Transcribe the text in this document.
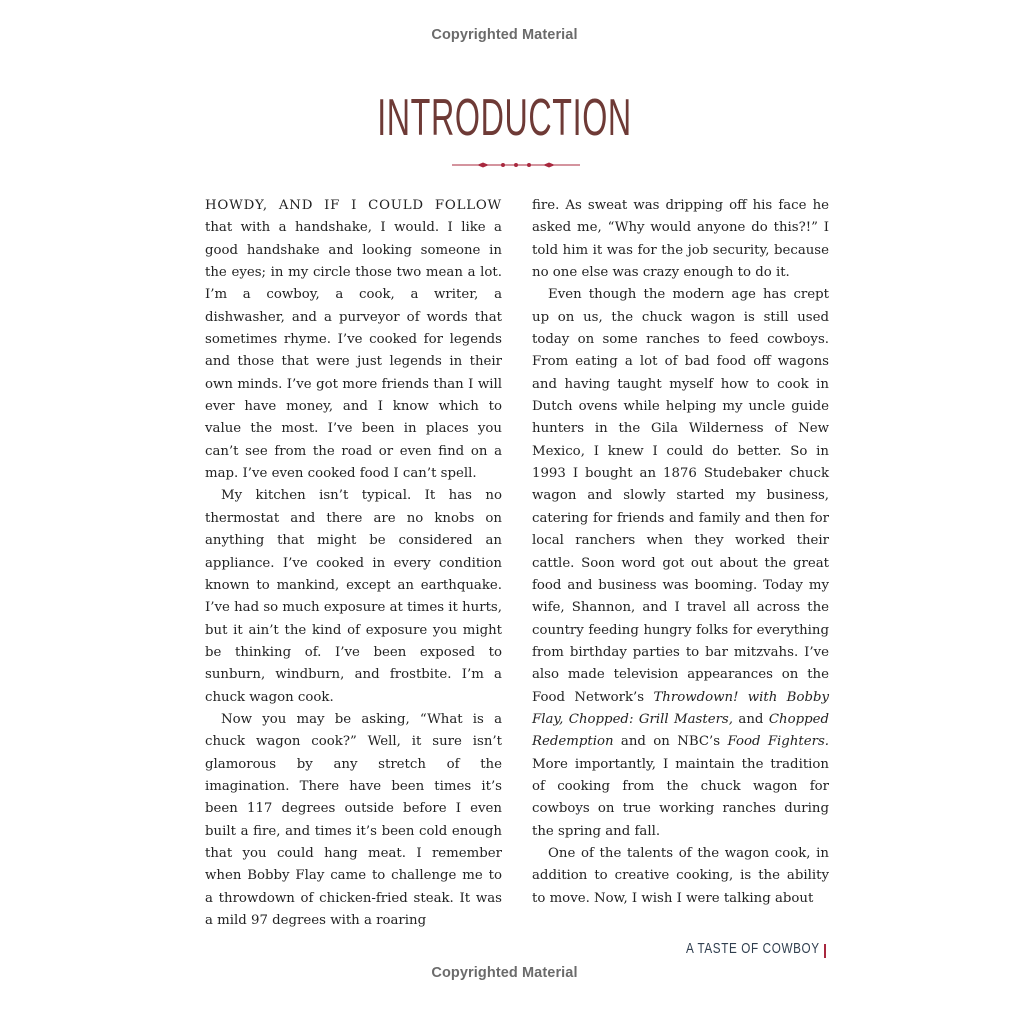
Copyrighted Material
INTRODUCTION

HOWDY, AND IF I COULD FOLLOW that with a handshake, I would. I like a good handshake and looking someone in the eyes; in my circle those two mean a lot. I’m a cowboy, a cook, a writer, a dishwasher, and a purveyor of words that sometimes rhyme. I’ve cooked for legends and those that were just legends in their own minds. I’ve got more friends than I will ever have money, and I know which to value the most. I’ve been in places you can’t see from the road or even find on a map. I’ve even cooked food I can’t spell.

My kitchen isn’t typical. It has no thermostat and there are no knobs on anything that might be considered an appliance. I’ve cooked in every condition known to mankind, except an earthquake. I’ve had so much exposure at times it hurts, but it ain’t the kind of exposure you might be thinking of. I’ve been exposed to sunburn, windburn, and frostbite. I’m a chuck wagon cook.

Now you may be asking, “What is a chuck wagon cook?” Well, it sure isn’t glamorous by any stretch of the imagination. There have been times it’s been 117 degrees outside before I even built a fire, and times it’s been cold enough that you could hang meat. I remember when Bobby Flay came to challenge me to a throwdown of chicken-fried steak. It was a mild 97 degrees with a roaring

fire. As sweat was dripping off his face he asked me, “Why would anyone do this?!” I told him it was for the job security, because no one else was crazy enough to do it.

Even though the modern age has crept up on us, the chuck wagon is still used today on some ranches to feed cowboys. From eating a lot of bad food off wagons and having taught myself how to cook in Dutch ovens while helping my uncle guide hunters in the Gila Wilderness of New Mexico, I knew I could do better. So in 1993 I bought an 1876 Studebaker chuck wagon and slowly started my business, catering for friends and family and then for local ranchers when they worked their cattle. Soon word got out about the great food and business was booming. Today my wife, Shannon, and I travel all across the country feeding hungry folks for everything from birthday parties to bar mitzvahs. I’ve also made television appearances on the Food Network’s Throwdown! with Bobby Flay, Chopped: Grill Masters, and Chopped Redemption and on NBC’s Food Fighters. More importantly, I maintain the tradition of cooking from the chuck wagon for cowboys on true working ranches during the spring and fall.

One of the talents of the wagon cook, in addition to creative cooking, is the ability to move. Now, I wish I were talking about

A TASTE OF COWBOY
Copyrighted Material
